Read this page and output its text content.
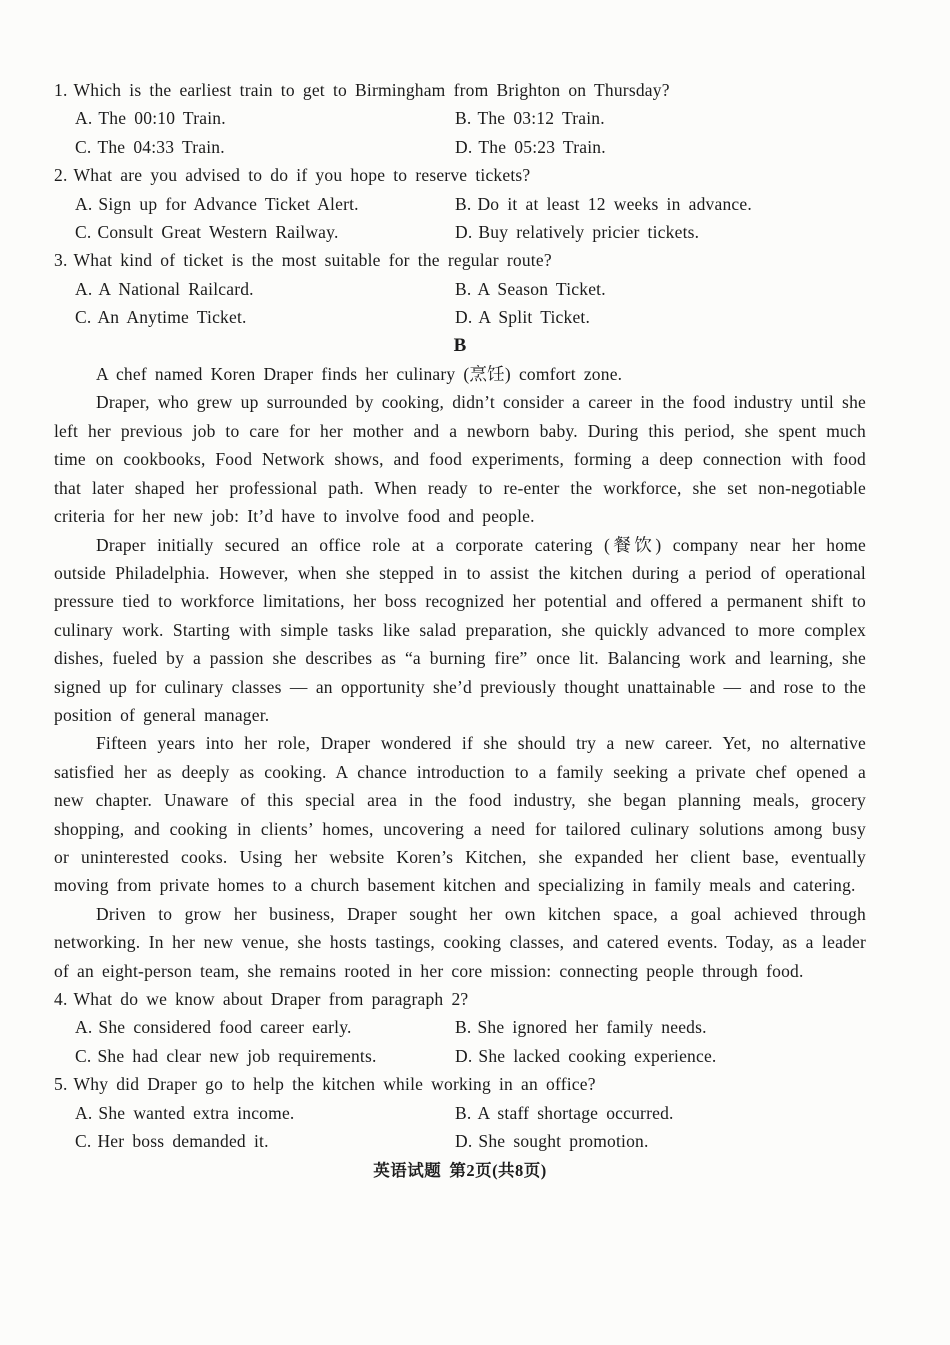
1. Which is the earliest train to get to Birmingham from Brighton on Thursday?
A. The 00:10 Train.	B. The 03:12 Train.
C. The 04:33 Train.	D. The 05:23 Train.
2. What are you advised to do if you hope to reserve tickets?
A. Sign up for Advance Ticket Alert.	B. Do it at least 12 weeks in advance.
C. Consult Great Western Railway.	D. Buy relatively pricier tickets.
3. What kind of ticket is the most suitable for the regular route?
A. A National Railcard.	B. A Season Ticket.
C. An Anytime Ticket.	D. A Split Ticket.
B

A chef named Koren Draper finds her culinary (烹饪) comfort zone.

Draper, who grew up surrounded by cooking, didn’t consider a career in the food industry until she left her previous job to care for her mother and a newborn baby. During this period, she spent much time on cookbooks, Food Network shows, and food experiments, forming a deep connection with food that later shaped her professional path. When ready to re-enter the workforce, she set non-negotiable criteria for her new job: It’d have to involve food and people.

Draper initially secured an office role at a corporate catering (餐饮) company near her home outside Philadelphia. However, when she stepped in to assist the kitchen during a period of operational pressure tied to workforce limitations, her boss recognized her potential and offered a permanent shift to culinary work. Starting with simple tasks like salad preparation, she quickly advanced to more complex dishes, fueled by a passion she describes as “a burning fire” once lit. Balancing work and learning, she signed up for culinary classes — an opportunity she’d previously thought unattainable — and rose to the position of general manager.

Fifteen years into her role, Draper wondered if she should try a new career. Yet, no alternative satisfied her as deeply as cooking. A chance introduction to a family seeking a private chef opened a new chapter. Unaware of this special area in the food industry, she began planning meals, grocery shopping, and cooking in clients’ homes, uncovering a need for tailored culinary solutions among busy or uninterested cooks. Using her website Koren’s Kitchen, she expanded her client base, eventually moving from private homes to a church basement kitchen and specializing in family meals and catering.

Driven to grow her business, Draper sought her own kitchen space, a goal achieved through networking. In her new venue, she hosts tastings, cooking classes, and catered events. Today, as a leader of an eight-person team, she remains rooted in her core mission: connecting people through food.

4. What do we know about Draper from paragraph 2?
A. She considered food career early.	B. She ignored her family needs.
C. She had clear new job requirements.	D. She lacked cooking experience.
5. Why did Draper go to help the kitchen while working in an office?
A. She wanted extra income.	B. A staff shortage occurred.
C. Her boss demanded it.	D. She sought promotion.
英语试题 第2页(共8页)
